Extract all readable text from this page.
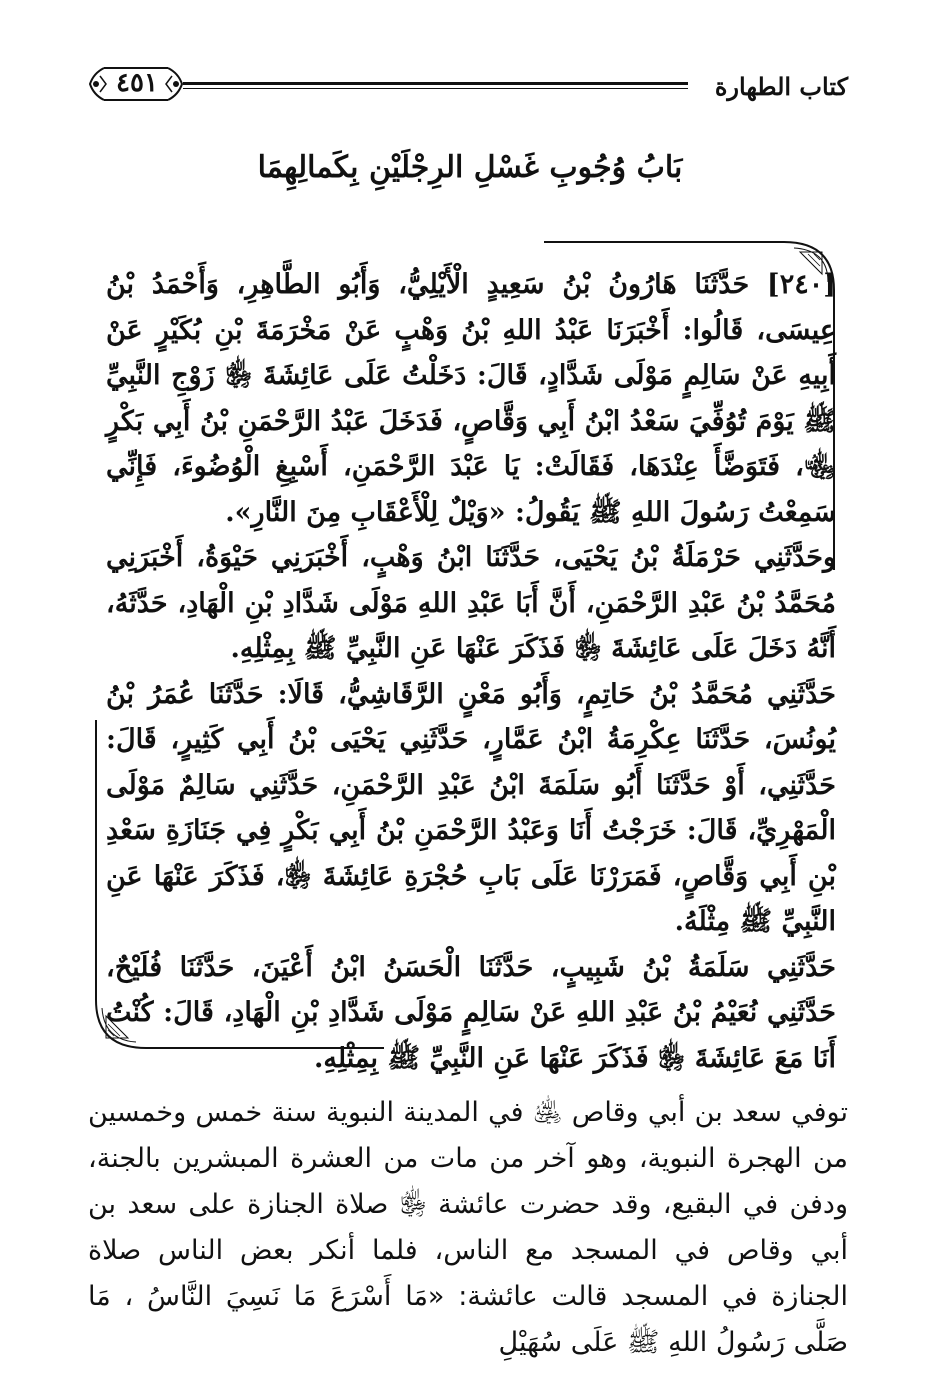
كتاب الطهارة
٤٥١
بَابُ وُجُوبِ غَسْلِ الرِجْلَيْنِ بِكَمالِهِمَا

[٢٤٠] حَدَّثَنَا هَارُونُ بْنُ سَعِيدٍ الْأَيْلِيُّ، وَأَبُو الطَّاهِرِ، وَأَحْمَدُ بْنُ عِيسَى، قَالُوا: أَخْبَرَنَا عَبْدُ اللهِ بْنُ وَهْبٍ عَنْ مَخْرَمَةَ بْنِ بُكَيْرٍ عَنْ أَبِيهِ عَنْ سَالِمٍ مَوْلَى شَدَّادٍ، قَالَ: دَخَلْتُ عَلَى عَائِشَةَ ﵂ زَوْجِ النَّبِيِّ ﷺ يَوْمَ تُوُفِّيَ سَعْدُ ابْنُ أَبِي وَقَّاصٍ، فَدَخَلَ عَبْدُ الرَّحْمَنِ بْنُ أَبِي بَكْرٍ ﵄، فَتَوَضَّأَ عِنْدَهَا، فَقَالَتْ: يَا عَبْدَ الرَّحْمَنِ، أَسْبِغِ الْوُضُوءَ، فَإِنِّي سَمِعْتُ رَسُولَ اللهِ ﷺ يَقُولُ: «وَيْلٌ لِلْأَعْقَابِ مِنَ النَّارِ».

وحَدَّثَنِي حَرْمَلَةُ بْنُ يَحْيَى، حَدَّثَنَا ابْنُ وَهْبٍ، أَخْبَرَنِي حَيْوَةُ، أَخْبَرَنِي مُحَمَّدُ بْنُ عَبْدِ الرَّحْمَنِ، أَنَّ أَبَا عَبْدِ اللهِ مَوْلَى شَدَّادِ بْنِ الْهَادِ، حَدَّثَهُ، أَنَّهُ دَخَلَ عَلَى عَائِشَةَ ﵂ فَذَكَرَ عَنْهَا عَنِ النَّبِيِّ ﷺ بِمِثْلِهِ.

حَدَّثَنِي مُحَمَّدُ بْنُ حَاتِمٍ، وَأَبُو مَعْنٍ الرَّقَاشِيُّ، قَالَا: حَدَّثَنَا عُمَرُ بْنُ يُونُسَ، حَدَّثَنَا عِكْرِمَةُ ابْنُ عَمَّارٍ، حَدَّثَنِي يَحْيَى بْنُ أَبِي كَثِيرٍ، قَالَ: حَدَّثَنِي، أَوْ حَدَّثَنَا أَبُو سَلَمَةَ ابْنُ عَبْدِ الرَّحْمَنِ، حَدَّثَنِي سَالِمٌ مَوْلَى الْمَهْرِيِّ، قَالَ: خَرَجْتُ أَنَا وَعَبْدُ الرَّحْمَنِ بْنُ أَبِي بَكْرٍ فِي جَنَازَةِ سَعْدِ بْنِ أَبِي وَقَّاصٍ، فَمَرَرْنَا عَلَى بَابِ حُجْرَةِ عَائِشَةَ ﵂، فَذَكَرَ عَنْهَا عَنِ النَّبِيِّ ﷺ مِثْلَهُ.

حَدَّثَنِي سَلَمَةُ بْنُ شَبِيبٍ، حَدَّثَنَا الْحَسَنُ ابْنُ أَعْيَنَ، حَدَّثَنَا فُلَيْحٌ، حَدَّثَنِي نُعَيْمُ بْنُ عَبْدِ اللهِ عَنْ سَالِمٍ مَوْلَى شَدَّادِ بْنِ الْهَادِ، قَالَ: كُنْتُ أَنَا مَعَ عَائِشَةَ ﵂ فَذَكَرَ عَنْهَا عَنِ النَّبِيِّ ﷺ بِمِثْلِهِ.

توفي سعد بن أبي وقاص ﵁ في المدينة النبوية سنة خمس وخمسين من الهجرة النبوية، وهو آخر من مات من العشرة المبشرين بالجنة، ودفن في البقيع، وقد حضرت عائشة ﵂ صلاة الجنازة على سعد بن أبي وقاص في المسجد مع الناس، فلما أنكر بعض الناس صلاة الجنازة في المسجد قالت عائشة: «مَا أَسْرَعَ مَا نَسِيَ النَّاسُ ، مَا صَلَّى رَسُولُ اللهِ ﷺ عَلَى سُهَيْلِ
